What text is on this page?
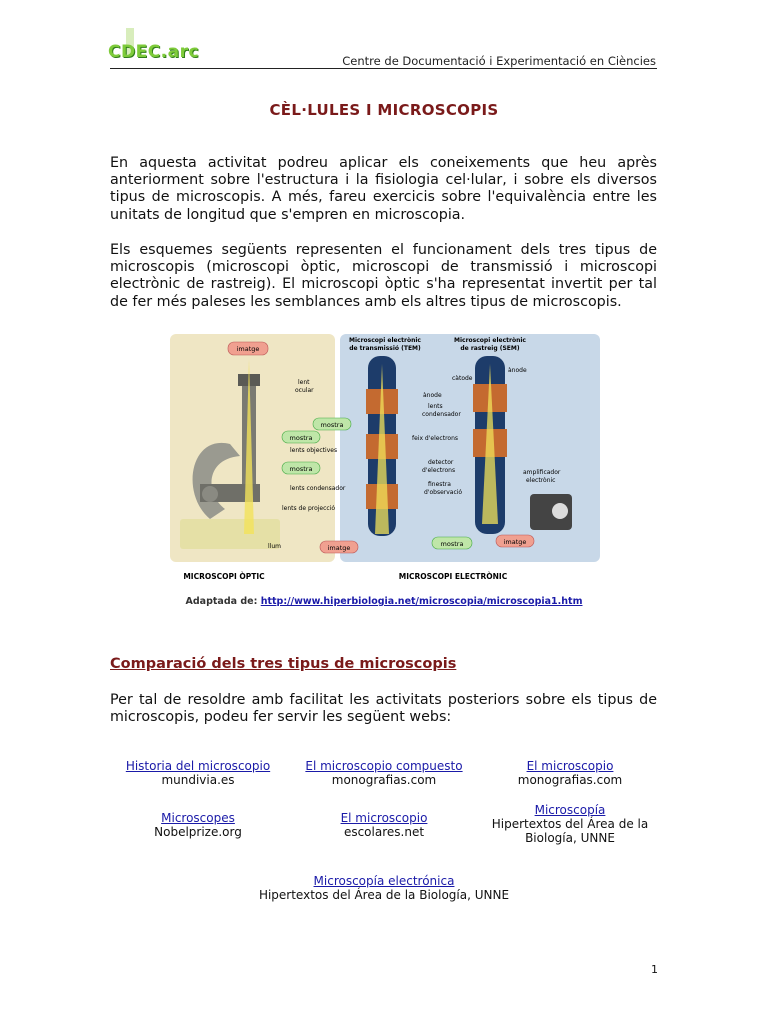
CDEC.arc	Centre de Documentació i Experimentació en Ciències
CÈL·LULES I MICROSCOPIS

En aquesta activitat podreu aplicar els coneixements que heu après anteriorment sobre l'estructura i la fisiologia cel·lular, i sobre els diversos tipus de microscopis. A més, fareu exercicis sobre l'equivalència entre les unitats de longitud que s'empren en microscopia.

Els esquemes següents representen el funcionament dels tres tipus de microscopis (microscopi òptic, microscopi de transmissió i microscopi electrònic de rastreig). El microscopi òptic s'ha representat invertit per tal de fer més paleses les semblances amb els altres tipus de microscopis.

imatge
mostra
mostra
lent
ocular
lents objectives
lents condensador
lents de projecció
llum
Microscopi electrònic
de transmissió (TEM)
imatge
mostra
Microscopi electrònic
de rastreig (SEM)
mostra	imatge
càtode
ànode
ànode
lents
condensador
feix d'electrons
detector
d'electrons
finestra
d'observació
amplificador
electrònic
MICROSCOPI ÒPTIC	MICROSCOPI ELECTRÒNIC
Adaptada de: http://www.hiperbiologia.net/microscopia/microscopia1.htm
Comparació dels tres tipus de microscopis

Per tal de resoldre amb facilitat les activitats posteriors sobre els tipus de microscopis, podeu fer servir les següent webs:

Historia del microscopio
mundivia.es
El microscopio compuesto
monografias.com
El microscopio
monografias.com
Microscopes
Nobelprize.org
El microscopio
escolares.net
Microscopía
Hipertextos del Área de la Biología, UNNE
Microscopía electrónica
Hipertextos del Área de la Biología, UNNE
1
